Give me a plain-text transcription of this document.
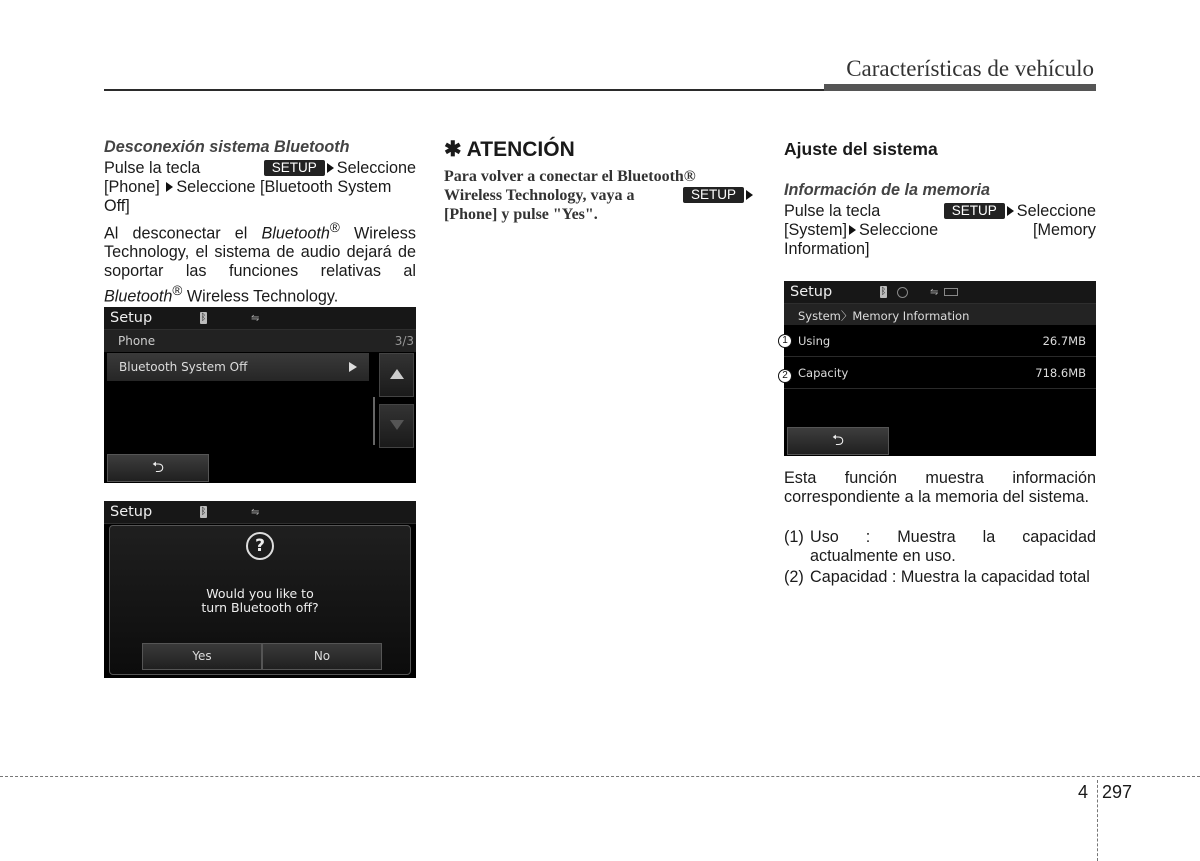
Características de vehículo

Desconexión sistema Bluetooth

Pulse la tecla	SETUP Seleccione
[Phone] Seleccione [Bluetooth System

Off]

Al desconectar el Bluetooth® Wireless Technology, el sistema de audio dejará de soportar las funciones relativas al Bluetooth® Wireless Technology.

Setup	ᛒ	⇋
Phone	3/3
Bluetooth System Off
⮌
Setup	ᛒ	⇋
?
Would you like to
turn Bluetooth off?
Yes	No

✱ ATENCIÓN

Para volver a conectar el Bluetooth®
Wireless Technology, vaya a	SETUP
[Phone] y pulse "Yes".

Ajuste del sistema

Información de la memoria

Pulse la tecla	SETUP Seleccione
[System] Seleccione	[Memory

Information]

Esta función muestra información correspondiente a la memoria del sistema.

(1) Uso : Muestra la capacidad actualmente en uso.
(2) Capacidad : Muestra la capacidad total
Setup	ᛒ	⇋
System〉Memory Information
Using	26.7MB
Capacity	718.6MB
⮌
1
2
4 297
